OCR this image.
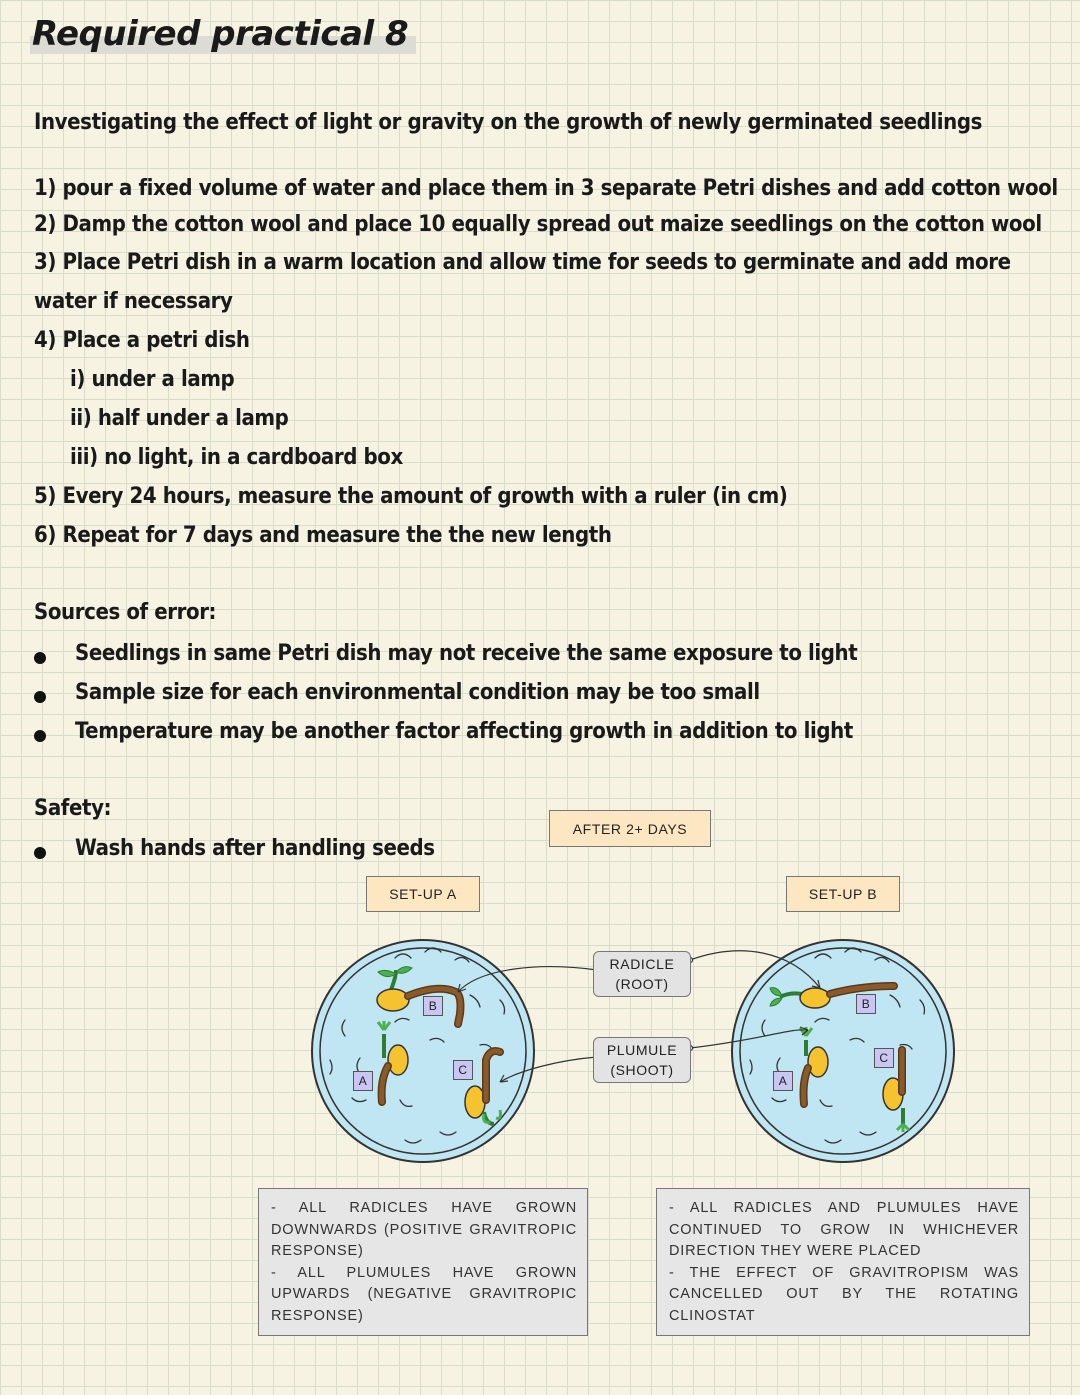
Required practical 8

Investigating the effect of light or gravity on the growth of newly germinated seedlings

1) pour a fixed volume of water and place them in 3 separate Petri dishes and add cotton wool

2) Damp the cotton wool and place 10 equally spread out maize seedlings on the cotton wool

3) Place Petri dish in a warm location and allow time for seeds to germinate and add more

water if necessary

4) Place a petri dish

i) under a lamp

ii) half under a lamp

iii) no light, in a cardboard box

5) Every 24 hours, measure the amount of growth with a ruler (in cm)

6) Repeat for 7 days and measure the the new length

Sources of error:

Seedlings in same Petri dish may not receive the same exposure to light

Sample size for each environmental condition may be too small

Temperature may be another factor affecting growth in addition to light

Safety:

Wash hands after handling seeds

AFTER 2+ DAYS
SET-UP A	SET-UP B
RADICLE
(ROOT)
PLUMULE
(SHOOT)
B
A
C
B
A
C

- ALL RADICLES HAVE GROWN DOWNWARDS (POSITIVE GRAVITROPIC RESPONSE)

- ALL PLUMULES HAVE GROWN UPWARDS (NEGATIVE GRAVITROPIC RESPONSE)

- ALL RADICLES AND PLUMULES HAVE CONTINUED TO GROW IN WHICHEVER DIRECTION THEY WERE PLACED

- THE EFFECT OF GRAVITROPISM WAS CANCELLED OUT BY THE ROTATING CLINOSTAT
